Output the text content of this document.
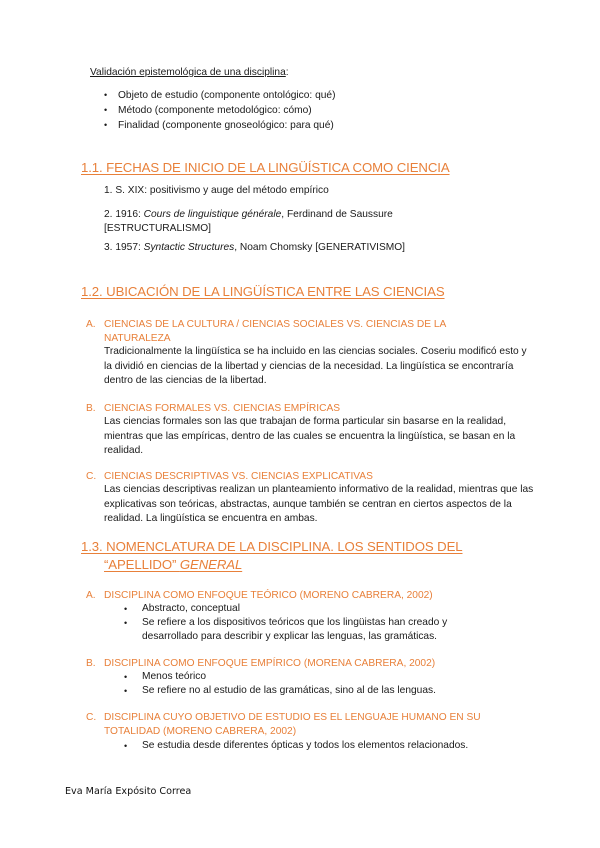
Validación epistemológica de una disciplina:
• Objeto de estudio (componente ontológico: qué)
• Método (componente metodológico: cómo)
• Finalidad (componente gnoseológico: para qué)
1.1. FECHAS DE INICIO DE LA LINGÜÍSTICA COMO CIENCIA
1. S. XIX: positivismo y auge del método empírico
2. 1916: Cours de linguistique générale, Ferdinand de Saussure
[ESTRUCTURALISMO]
3. 1957: Syntactic Structures, Noam Chomsky [GENERATIVISMO]
1.2. UBICACIÓN DE LA LINGÜÍSTICA ENTRE LAS CIENCIAS
A. CIENCIAS DE LA CULTURA / CIENCIAS SOCIALES VS. CIENCIAS DE LA
NATURALEZA
Tradicionalmente la lingüística se ha incluido en las ciencias sociales. Coseriu modificó esto y la dividió en ciencias de la libertad y ciencias de la necesidad. La lingüística se encontraría dentro de las ciencias de la libertad.
B. CIENCIAS FORMALES VS. CIENCIAS EMPÍRICAS
Las ciencias formales son las que trabajan de forma particular sin basarse en la realidad, mientras que las empíricas, dentro de las cuales se encuentra la lingüística, se basan en la realidad.
C. CIENCIAS DESCRIPTIVAS VS. CIENCIAS EXPLICATIVAS
Las ciencias descriptivas realizan un planteamiento informativo de la realidad, mientras que las explicativas son teóricas, abstractas, aunque también se centran en ciertos aspectos de la realidad. La lingüística se encuentra en ambas.
1.3. NOMENCLATURA DE LA DISCIPLINA. LOS SENTIDOS DEL
“APELLIDO” GENERAL
A. DISCIPLINA COMO ENFOQUE TEÓRICO (MORENO CABRERA, 2002)
• Abstracto, conceptual
• Se refiere a los dispositivos teóricos que los lingüistas han creado y desarrollado para describir y explicar las lenguas, las gramáticas.
B. DISCIPLINA COMO ENFOQUE EMPÍRICO (MORENA CABRERA, 2002)
• Menos teórico
• Se refiere no al estudio de las gramáticas, sino al de las lenguas.
C. DISCIPLINA CUYO OBJETIVO DE ESTUDIO ES EL LENGUAJE HUMANO EN SU
TOTALIDAD (MORENO CABRERA, 2002)
• Se estudia desde diferentes ópticas y todos los elementos relacionados.
Eva María Expósito Correa
